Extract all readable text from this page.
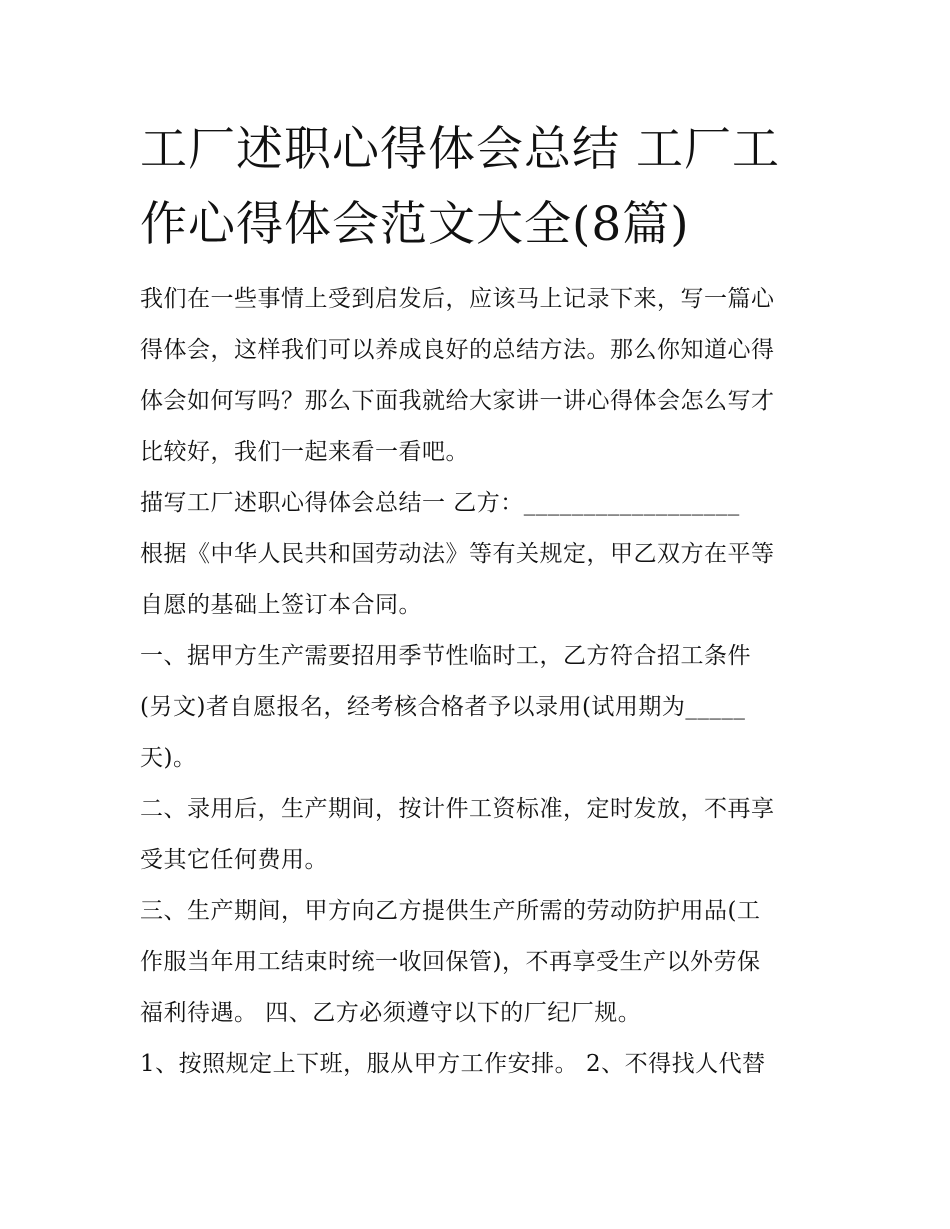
工厂述职心得体会总结 工厂工
作心得体会范文大全(8篇)

我们在一些事情上受到启发后，应该马上记录下来，写一篇心
得体会，这样我们可以养成良好的总结方法。那么你知道心得
体会如何写吗？那么下面我就给大家讲一讲心得体会怎么写才
比较好，我们一起来看一看吧。

描写工厂述职心得体会总结一 乙方：__________________

根据《中华人民共和国劳动法》等有关规定，甲乙双方在平等
自愿的基础上签订本合同。

一、据甲方生产需要招用季节性临时工，乙方符合招工条件
(另文)者自愿报名，经考核合格者予以录用(试用期为_____
天)。

二、录用后，生产期间，按计件工资标准，定时发放，不再享
受其它任何费用。

三、生产期间，甲方向乙方提供生产所需的劳动防护用品(工
作服当年用工结束时统一收回保管)，不再享受生产以外劳保
福利待遇。 四、乙方必须遵守以下的厂纪厂规。

1、按照规定上下班，服从甲方工作安排。 2、不得找人代替
